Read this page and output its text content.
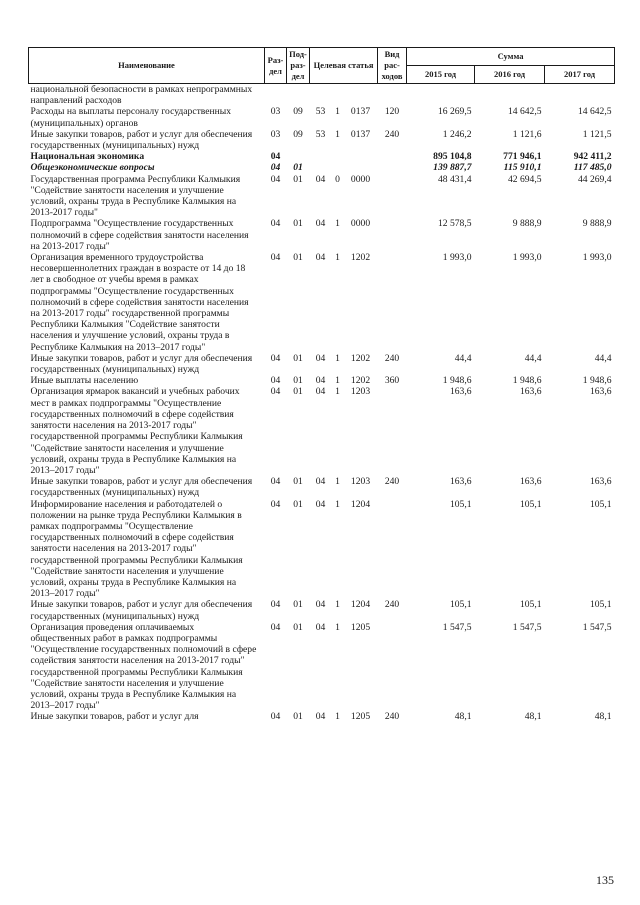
Наименование	Раз-дел	Под-раз-дел	Целевая статья			Вид рас-ходов	Сумма		
							2015 год	2016 год	2017 год
национальной безопасности в рамках непрограммных направлений расходов									
Расходы на выплаты персоналу государственных (муниципальных) органов	03	09	53	1	0137	120	16 269,5	14 642,5	14 642,5
Иные закупки товаров, работ и услуг для обеспечения государственных (муниципальных) нужд	03	09	53	1	0137	240	1 246,2	1 121,6	1 121,5
Национальная экономика	04						895 104,8	771 946,1	942 411,2
Общеэкономические вопросы	04	01					139 887,7	115 910,1	117 485,0
Государственная программа Республики Калмыкия "Содействие занятости населения и улучшение условий, охраны труда в Республике Калмыкия на 2013-2017 годы"	04	01	04	0	0000		48 431,4	42 694,5	44 269,4
Подпрограмма "Осуществление государственных полномочий в сфере содействия занятости населения на 2013-2017 годы"	04	01	04	1	0000		12 578,5	9 888,9	9 888,9
Организация временного трудоустройства несовершеннолетних граждан в возрасте от 14 до 18 лет в свободное от учебы время в рамках подпрограммы "Осуществление государственных полномочий в сфере содействия занятости населения на 2013-2017 годы" государственной программы Республики Калмыкия "Содействие занятости населения и улучшение условий, охраны труда в Республике Калмыкия на 2013–2017 годы"	04	01	04	1	1202		1 993,0	1 993,0	1 993,0
Иные закупки товаров, работ и услуг для обеспечения государственных (муниципальных) нужд	04	01	04	1	1202	240	44,4	44,4	44,4
Иные выплаты населению	04	01	04	1	1202	360	1 948,6	1 948,6	1 948,6
Организация ярмарок вакансий и учебных рабочих мест в рамках подпрограммы "Осуществление государственных полномочий в сфере содействия занятости населения на 2013-2017 годы" государственной программы Республики Калмыкия "Содействие занятости населения и улучшение условий, охраны труда в Республике Калмыкия на 2013–2017 годы"	04	01	04	1	1203		163,6	163,6	163,6
Иные закупки товаров, работ и услуг для обеспечения государственных (муниципальных) нужд	04	01	04	1	1203	240	163,6	163,6	163,6
Информирование населения и работодателей о положении на рынке труда Республики Калмыкия в рамках подпрограммы "Осуществление государственных полномочий в сфере содействия занятости населения на 2013-2017 годы" государственной программы Республики Калмыкия "Содействие занятости населения и улучшение условий, охраны труда в Республике Калмыкия на 2013–2017 годы"	04	01	04	1	1204		105,1	105,1	105,1
Иные закупки товаров, работ и услуг для обеспечения государственных (муниципальных) нужд	04	01	04	1	1204	240	105,1	105,1	105,1
Организация проведения оплачиваемых общественных работ в рамках подпрограммы "Осуществление государственных полномочий в сфере содействия занятости населения на 2013-2017 годы" государственной программы Республики Калмыкия "Содействие занятости населения и улучшение условий, охраны труда в Республике Калмыкия на 2013–2017 годы"	04	01	04	1	1205		1 547,5	1 547,5	1 547,5
Иные закупки товаров, работ и услуг для	04	01	04	1	1205	240	48,1	48,1	48,1
135
